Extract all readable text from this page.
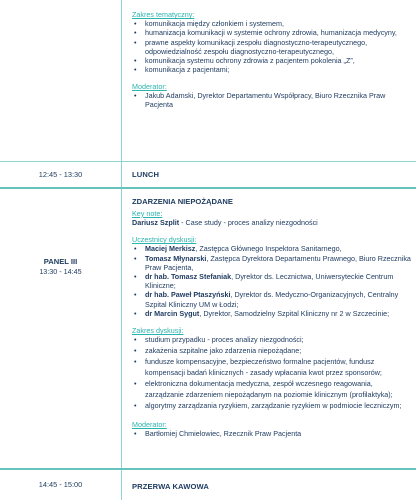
Zakres tematyczny:
• komunikacja między członkiem i systemem,
• humanizacja komunikacji w systemie ochrony zdrowia, humanizacja medycyny,
• prawne aspekty komunikacji zespołu diagnostyczno-terapeutycznego, odpowiedzialność zespołu diagnostyczno-terapeutycznego,
• komunikacja systemu ochrony zdrowia z pacjentem pokolenia „Z”,
• komunikacja z pacjentami;
Moderator:
• Jakub Adamski, Dyrektor Departamentu Współpracy, Biuro Rzecznika Praw Pacjenta
12:45 - 13:30	LUNCH
PANEL III
13:30 - 14:45
ZDARZENIA NIEPOŻĄDANE
Key note:
Dariusz Szplit - Case study - proces analizy niezgodności
Uczestnicy dyskusji:
• Maciej Merkisz, Zastępca Głównego Inspektora Sanitarnego,
• Tomasz Młynarski, Zastępca Dyrektora Departamentu Prawnego, Biuro Rzecznika Praw Pacjenta,
• dr hab. Tomasz Stefaniak, Dyrektor ds. Lecznictwa, Uniwersyteckie Centrum Kliniczne;
• dr hab. Paweł Ptaszyński, Dyrektor ds. Medyczno-Organizacyjnych, Centralny Szpital Kliniczny UM w Łodzi;
• dr Marcin Sygut, Dyrektor, Samodzielny Szpital Kliniczny nr 2 w Szczecinie;
Zakres dyskusji:
• studium przypadku - proces analizy niezgodności;
• zakażenia szpitalne jako zdarzenia niepożądane;
• fundusze kompensacyjne, bezpieczeństwo formalne pacjentów, fundusz kompensacji badań klinicznych - zasady wpłacania kwot przez sponsorów;
• elektroniczna dokumentacja medyczna, zespół wczesnego reagowania, zarządzanie zdarzeniem niepożądanym na poziomie klinicznym (profilaktyka);
• algorytmy zarządzania ryzykiem, zarządzanie ryzykiem w podmiocie leczniczym;
Moderator:
• Bartłomiej Chmielowiec, Rzecznik Praw Pacjenta
14:45 - 15:00	PRZERWA KAWOWA
